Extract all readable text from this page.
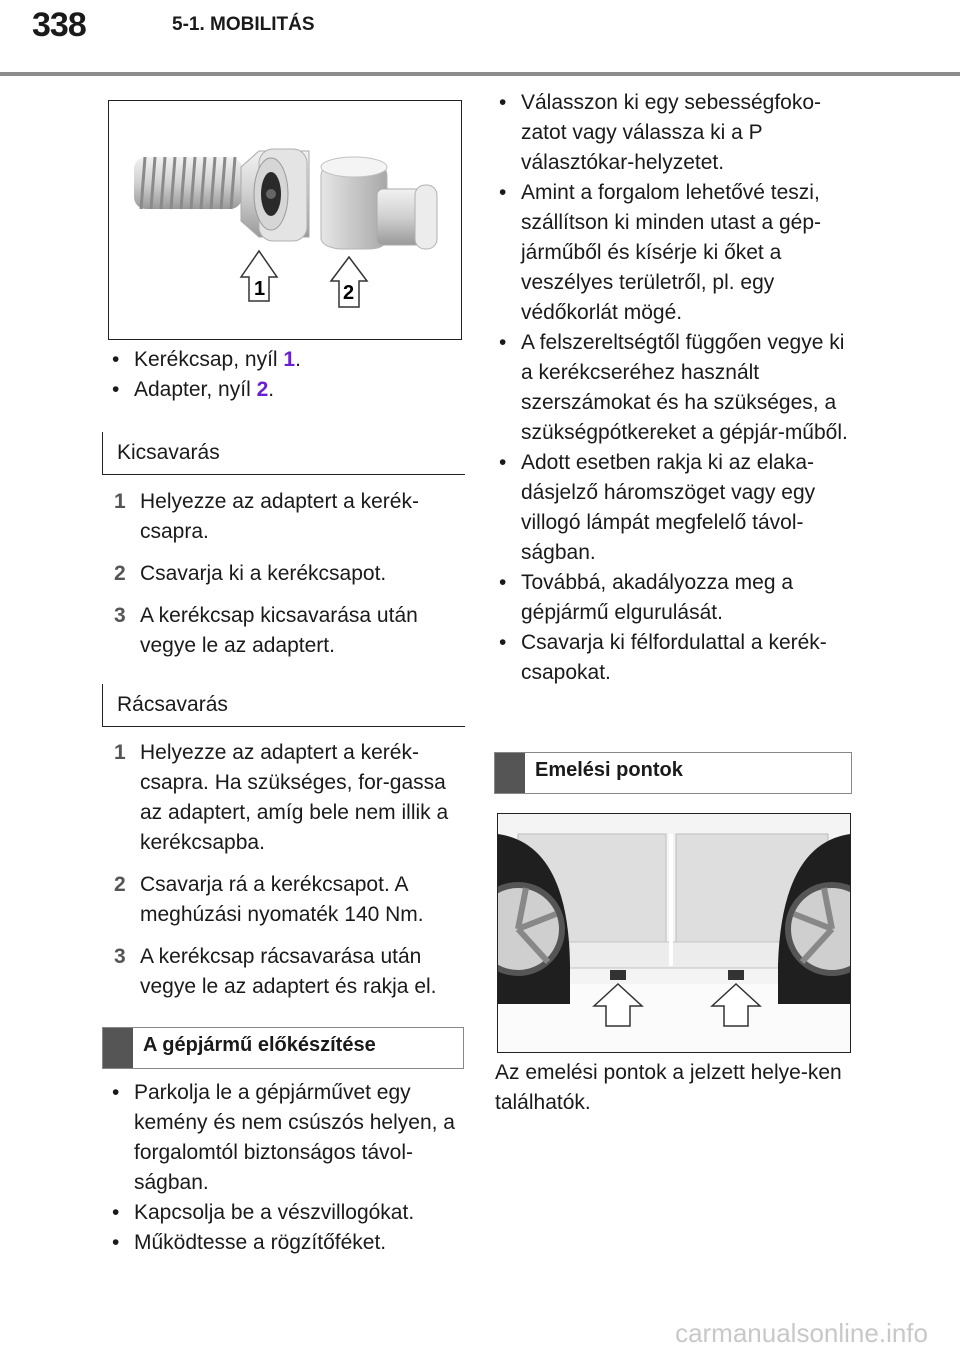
338	5-1. MOBILITÁS
1	2
• Kerékcsap, nyíl 1.
• Adapter, nyíl 2.
Kicsavarás
1 Helyezze az adaptert a kerék-csapra.
2 Csavarja ki a kerékcsapot.
3 A kerékcsap kicsavarása után vegye le az adaptert.
Rácsavarás
1 Helyezze az adaptert a kerék-csapra. Ha szükséges, for-gassa az adaptert, amíg bele nem illik a kerékcsapba.
2 Csavarja rá a kerékcsapot. A meghúzási nyomaték 140 Nm.
3 A kerékcsap rácsavarása után vegye le az adaptert és rakja el.
A gépjármű előkészítése
• Parkolja le a gépjárművet egy kemény és nem csúszós helyen, a forgalomtól biztonságos távol-ságban.
• Kapcsolja be a vészvillogókat.
• Működtesse a rögzítőféket.
• Válasszon ki egy sebességfoko-zatot vagy válassza ki a P választókar-helyzetet.
• Amint a forgalom lehetővé teszi, szállítson ki minden utast a gép-járműből és kísérje ki őket a veszélyes területről, pl. egy védőkorlát mögé.
• A felszereltségtől függően vegye ki a kerékcseréhez használt szerszámokat és ha szükséges, a szükségpótkereket a gépjár-műből.
• Adott esetben rakja ki az elaka-dásjelző háromszöget vagy egy villogó lámpát megfelelő távol-ságban.
• Továbbá, akadályozza meg a gépjármű elgurulását.
• Csavarja ki félfordulattal a kerék-csapokat.
Emelési pontok
Az emelési pontok a jelzett helye-ken találhatók.
carmanualsonline.info
